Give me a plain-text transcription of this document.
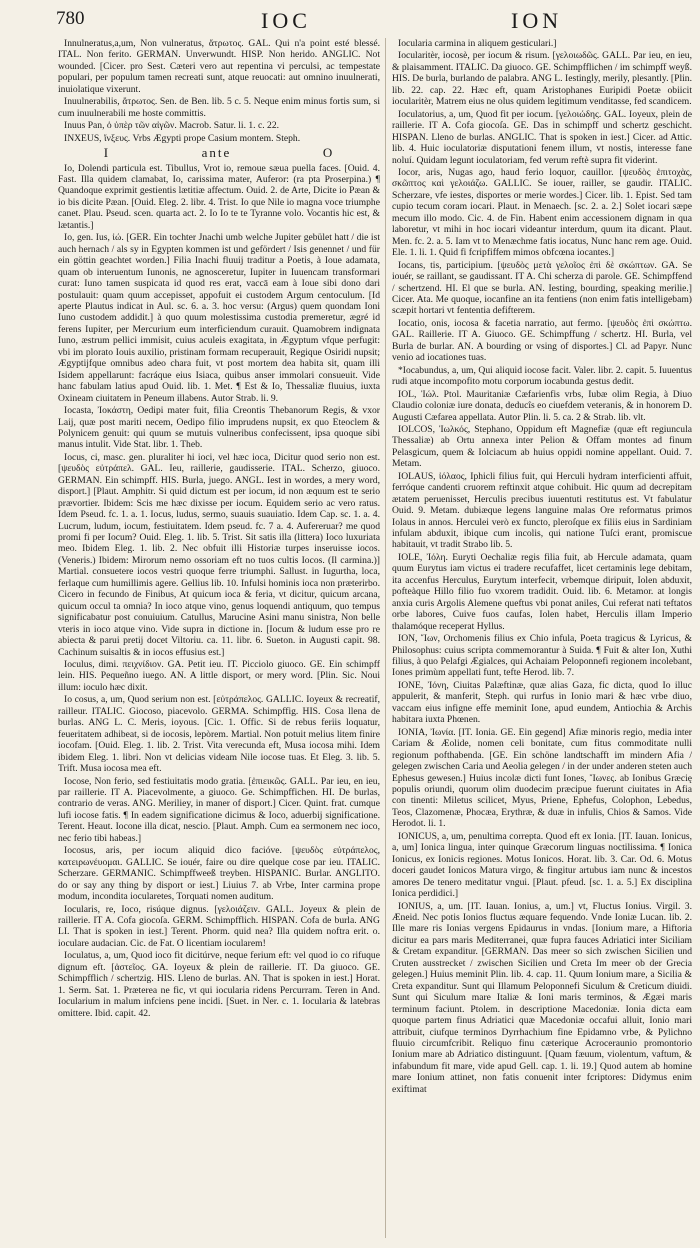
780	IOC	ION

Innulneratus,a,um, Non vulneratus, ἄτρωτος. GAL. Qui n'a point esté blessé. ITAL. Non ferito. GERMAN. Unverwundt. HISP. Non herido. ANGLIC. Not wounded. [Cicer. pro Sest. Cæteri vero aut repentina vi perculsi, ac tempestate populari, per populum tamen recreati sunt, atque reuocati: aut omnino inuulnerati, inuiolatique vixerunt.

Inuulnerabilis, ἄτρωτος. Sen. de Ben. lib. 5 c. 5. Neque enim minus fortis sum, si cum inuulnerabili me hoste committis.

Inuus Pan, ὁ ὑπὲρ τῶν αἰγῶν. Macrob. Satur. li. 1. c. 22.

INXEUS, ἴνξευς. Vrbs Ægypti prope Casium montem. Steph.

I	ante	O

Io, Dolendi particula est. Tibullus, Vrot io, remoue sæua puella faces. [Ouid. 4. Fast. Illa quidem clamabat, Io, carissima mater, Auferor: (ra pta Proserpina.) ¶ Quandoque exprimit gestientis lætitiæ affectum. Ouid. 2. de Arte, Dicite io Pæan & io bis dicite Pæan. [Ouid. Eleg. 2. libr. 4. Trist. Io que Nile io magna voce triumphe canet. Plau. Pseud. scen. quarta act. 2. Io Io te te Tyranne volo. Vocantis hic est, & lætantis.]

Io, gen. Ius, ἰώ. [GER. Ein tochter Jnachi umb welche Jupiter gebület hatt / die ist auch hernach / als sy in Egypten kommen ist und gefördert / Isis genennet / und für ein göttin geachtet worden.] Filia Inachi fluuij traditur a Poetis, à Ioue adamata, quam ob interuentum Iunonis, ne agnosceretur, Iupiter in Iuuencam transformari curat: Iuno tamen suspicata id quod res erat, vaccā eam à Ioue sibi dono dari postulauit: quam quum accepisset, appofuit ei custodem Argum centoculum. [Id aperte Plautus indicat in Aul. sc. 6. a. 3. hoc versu: (Argus) quem quondam Ioni Iuno custodem addidit.] à quo quum molestissima custodia premeretur, ægré id ferens Iupiter, per Mercurium eum interficiendum curauit. Quamobrem indignata Iuno, æstrum pellici immisit, cuius aculeis exagitata, in Ægyptum vfque perfugit: vbi im plorato Iouis auxilio, pristinam formam recuperauit, Regique Osiridi nupsit; Ægyptijfque omnibus adeo chara fuit, vt post mortem dea habita sit, quam illi Isidem appellarunt: facráque eius Isiaca, quibus anser immolari consueuit. Vide hanc fabulam latius apud Ouid. lib. 1. Met. ¶ Est & Io, Thessaliæ fluuius, iuxta Oxineam ciuitatem in Peneum illabens. Autor Strab. li. 9.

Iocasta, Ἰοκάστη, Oedipi mater fuit, filia Creontis Thebanorum Regis, & vxor Laij, quæ post mariti necem, Oedipo filio imprudens nupsit, ex quo Eteoclem & Polynicem genuit: qui quum se mutuis vulneribus confecissent, ipsa quoque sibi manus intulit. Vide Stat. libr. 1. Theb.

Iocus, ci, masc. gen. pluraliter hi ioci, vel hæc ioca, Dicitur quod serio non est. [ψευδὸς εὐτράπελ. GAL. Ieu, raillerie, gaudisserie. ITAL. Scherzo, giuoco. GERMAN. Ein schimpff. HIS. Burla, juego. ANGL. Iest in wordes, a mery word, disport.] [Plaut. Amphitr. Si quid dictum est per iocum, id non æquum est te serio prævortier. Ibidem: Scis me hæc dixisse per iocum. Equidem serio ac vero ratus. Idem Pseud. fc. 1. a. 1. Iocus, ludus, sermo, suauis suauiatio. Idem Cap. sc. 1. a. 4. Lucrum, ludum, iocum, festiuitatem. Idem pseud. fc. 7 a. 4. Aufereruar? me quod promi fi per Iocum? Ouid. Eleg. 1. lib. 5. Trist. Sit satis illa (littera) Ioco luxuriata meo. Ibidem Eleg. 1. lib. 2. Nec obfuit illi Historiæ turpes inseruisse iocos. (Veneris.) Ibidem: Mirorum nemo ossoriam eft no tuos cultis Iocos. (Il carmina.)] Martial. consuetere iocos vestri quoque ferre triumphi. Sallust. in Iugurtha, loca, ferlaque cum humillimis agere. Gellius lib. 10. Infulsi hominis ioca non præterirbo. Cicero in fecundo de Finibus, At quicum ioca & feria, vt dicitur, quicum arcana, quicum occul ta omnia? In ioco atque vino, genus loquendi antiquum, quo tempus significabatur post conuiuium. Catullus, Marucine Asini manu sinistra, Non belle vteris in ioco atque vino. Vide supra in dictione in. [Iocum & ludum esse pro re abiecta & parui pretij docet Viltoriu. ca. 11. libr. 6. Sueton. in Augusti capit. 98. Cachinum suisaltis & in iocos effusius est.]

Ioculus, dimi. πειχνίδιον. GA. Petit ieu. IT. Picciolo giuoco. GE. Ein schimpff lein. HIS. Pequeñno iuego. AN. A little disport, or mery word. [Plin. Sic. Noui illum: ioculo hæc dixit.

Io cosus, a, um, Quod serium non est. [εὐτράπελος. GALLIC. Ioyeux & recreatif, railleur. ITALIC. Giocoso, piacevolo. GERMA. Schimpffig. HIS. Cosa llena de burlas. ANG L. C. Meris, ioyous. [Cic. 1. Offic. Si de rebus feriis loquatur, feueritatem adhibeat, si de iocosis, lepòrem. Martial. Non potuit melius litem finire iocofam. [Ouid. Eleg. 1. lib. 2. Trist. Vita verecunda eft, Musa iocosa mihi. Idem ibidem Eleg. 1. libri. Non vt delicias videam Nile iocose tuas. Et Eleg. 3. lib. 5. Trift. Musa iocosa mea eft.

Iocose, Non ferio, sed festiuitatis modo gratia. [ἐπιεικῶς. GALL. Par ieu, en ieu, par raillerie. IT A. Piacevolmente, a giuoco. Ge. Schimpffichen. HI. De burlas, contrario de veras. ANG. Meriliey, in maner of disport.] Cicer. Quint. frat. cumque lufi iocose fatis. ¶ In eadem significatione dicimus & Ioco, aduerbij significatione. Terent. Heaut. Iocone illa dicat, nescio. [Plaut. Amph. Cum ea sermonem nec ioco, nec ferio tibi habeas.]

Iocosus, aris, per iocum aliquid dico facióve. [ψευδὸς εὐτράπελος, κατειρωνέυομαι. GALLIC. Se iouér, faire ou dire quelque cose par ieu. ITALIC. Scherzare. GERMANIC. Schimpffweeß treyben. HISPANIC. Burlar. ANGLITO. do or say any thing by disport or iest.] Liuius 7. ab Vrbe, Inter carmina prope modum, incondita iocularetes, Torquati nomen auditum.

Iocularis, re, Ioco, risúque dignus. [γελοιάζειν. GALL. Joyeux & plein de raillerie. IT A. Cofa giocoſa. GERM. Schimpfflich. HISPAN. Cofa de burla. ANG LI. That is spoken in iest.] Terent. Phorm. quid nea? Illa quidem noftra erit. o. ioculare audacian. Cic. de Fat. O licentiam iocularem!

Ioculatus, a, um, Quod ioco fit dicitúrve, neque ferium eft: vel quod io co rifuque dignum eft. [ἀστεῖος. GA. Ioyeux & plein de raillerie. IT. Da giuoco. GE. Schimpfflich / schertzig. HIS. Lleno de burlas. AN. That is spoken in iest.] Horat. 1. Serm. Sat. 1. Præterea ne fic, vt qui iocularia ridens Percurram. Teren in And. Iocularium in malum infciens pene incidi. [Suet. in Ner. c. 1. Iocularia & latebras omittere. Ibid. capit. 42.

Iocularia carmina in aliquem gesticulari.]

Iocularitèr, iocosè, per iocum & risum. [γελοιωδῶς. GALL. Par ieu, en ieu, & plaisamment. ITALIC. Da giuoco. GE. Schimpfflichen / im schimpff weyß. HIS. De burla, burlando de palabra. ANG L. Iestingly, merily, plesantly. [Plin. lib. 22. cap. 22. Hæc eft, quam Aristophanes Euripidi Poetæ obiicit iocularitèr, Matrem eius ne olus quidem legitimum venditasse, fed scandicem.

Ioculatorius, a, um, Quod fit per iocum. [γελοιώδης. GAL. Ioyeux, plein de raillerie. IT A. Cofa giocoſa. GE. Das in schimpff und schertz geschicht. HISPAN. Lleno de burlas. ANGLIC. That is spoken in iest.] Cicer. ad Attic. lib. 4. Huic ioculatoriæ disputationi fenem illum, vt nostis, interesse fane noluí. Quidam legunt ioculatoriam, fed verum reftè supra fit viderint.

Iocor, aris, Nugas ago, haud ferio loquor, cauillor. [ψευδὸς ἐπιτοχὰς, σκῶπτος καὶ γελοιάζω. GALLIC. Se iouer, railler, se gaudir. ITALIC. Scherzare, vfe iestes, disportes or merie wordes.] Cicer. lib. 1. Epist. Sed tam cupio tecum coram iocari. Plaut. in Menaech. [sc. 2. a. 2.] Solet iocari sæpe mecum illo modo. Cic. 4. de Fin. Habent enim accessionem dignam in qua laboretur, vt mihi in hoc iocari videantur interdum, quum ita dicant. Plaut. Men. fc. 2. a. 5. Iam vt to Menæchme fatis iocatus, Nunc hanc rem age. Ouid. Ele. 1. li. 1. Quid fi fcripfiffem mimos obfcœna iocantes.]

Iocans, tis, participium. [ψευδὸς μετὰ γελοῖος ἐπὶ δὲ σκώπτων. GA. Se iouér, se raillant, se gaudissant. IT A. Chi scherza di parole. GE. Schimpffend / schertzend. HI. El que se burla. AN. Iesting, bourding, speaking merilie.] Cicer. Ata. Me quoque, iocanfine an ita fentiens (non enim fatis intelligebam) scæpit hortari vt fententia defifterem.

Iocatio, onis, iocosa & facetia narratio, aut fermo. [ψευδὸς ἐπὶ σκώπτω. GAL. Raillerie. IT A. Giuoco. GE. Schimpffung / schertz. HI. Burla, vel Burla de burlar. AN. A bourding or vsing of disportes.] Cl. ad Papyr. Nunc venio ad iocationes tuas.

*Iocabundus, a, um, Qui aliquid iocose facit. Valer. libr. 2. capit. 5. Iuuentus rudi atque incompofito motu corporum iocabunda gestus dedit.

IOL, Ἰώλ. Ptol. Mauritaniæ Cæfarienfis vrbs, Iubæ olim Regia, à Diuo Claudio coloniæ iure donata, deducîs eo ciuefdem veteranis, & in honorem D. Augusti Cæfarea appellata. Autor Plin. li. 5. ca. 2 & Strab. lib. vlt.

IOLCOS, Ἰωλκός, Stephano, Oppidum eft Magnefiæ (quæ eft regiuncula Thessaliæ) ab Ortu annexa inter Pelion & Offam montes ad finum Pelasgicum, quem & Iolciacum ab huius oppidi nomine appellant. Ouid. 7. Metam.

IOLAUS, ἰόλαος, Iphicli filius fuit, qui Herculi hydram interficienti affuit, ferróque candenti cruorem reftinxit atque cohibuit. Hic quum ad decrepitam ætatem peruenisset, Herculis precibus iuuentuti restitutus est. Vt fabulatur Ouid. 9. Metam. dubiæque legens languine malas Ore reformatus primos Iolaus in annos. Herculei verò ex functo, pleroſque ex filiis eius in Sardiniam infulam abduxit, ibique cum incolis, qui natione Tuſci erant, promiscue habitauit, vt tradit Strabo lib. 5.

IOLE, Ἰόλη. Euryti Oechaliæ regis filia fuit, ab Hercule adamata, quam quum Eurytus iam victus ei tradere recufaffet, licet certaminis lege debitam, ita accenfus Herculus, Eurytum interfecit, vrbemque diripuit, Iolen abduxit, pofteàque Hillo filio fuo vxorem tradidit. Ouid. lib. 6. Metamor. at longis anxia curis Argolis Alemene queftus vbi ponat aniles, Cui referat nati teftatos orbe labores, Cuive fuos caufas, Iolen habet, Herculis illam Imperio thalamóque receperat Hyllus.

ION, Ἴων, Orchomenis filius ex Chio infula, Poeta tragicus & Lyricus, & Philosophus: cuius scripta commemorantur à Suida. ¶ Fuit & alter Ion, Xuthi filius, à quo Pelafgi Ægialces, qui Achaiam Peloponnefi regionem incolebant, Iones primùm appellati funt, tefte Herod. lib. 7.

IONE, Ἰόνη, Ciuitas Palæftinæ, quæ alias Gaza, fic dicta, quod Io illuc appulerit, & manferit, Steph. qui rurfus in Ionio mari & hæc vrbe diuo, vaccam eius infigne effe meminit Ione, apud eundem, Antiochia & Archis habitara iuxta Phœnen.

IONIA, Ἰωνία. [IT. Ionia. GE. Ein gegend] Afiæ minoris regio, media inter Cariam & Æolide, nomen celi bonitate, cum fitus commoditate nulli regionum pofthabenda. [GE. Ein schöne landtschafft im mindern Afia / gelegen zwischen Caria und Aeolia gelegen / in der under anderen steten auch Ephesus gewesen.] Huius incolæ dicti funt Iones, Ἴωνες. ab Ionibus Græcię populis oriundi, quorum olim duodecim præcipue fuerunt ciuitates in Afia con tinenti: Miletus scilicet, Myus, Priene, Ephefus, Colophon, Lebedus, Teos, Clazomenæ, Phocæa, Erythræ, & duæ in infulis, Chios & Samos. Vide Herodot. li. 1.

IONICUS, a, um, penultima correpta. Quod eft ex Ionia. [IT. Iauan. Ionicus, a, um] Ionica lingua, inter quinque Græcorum linguas noctilissima. ¶ Ionica Ionicus, ex Ionicis regiones. Motus Ionicos. Horat. lib. 3. Car. Od. 6. Motus doceri gaudet Ionicos Matura virgo, & fingitur artubus iam nunc & incestos amores De tenero meditatur vngui. [Plaut. pfeud. [sc. 1. a. 5.] Ex disciplina Ionica perdidici.]

IONIUS, a, um. [IT. Iauan. Ionius, a, um.] vt, Fluctus Ionius. Virgil. 3. Æneid. Nec potis Ionios fluctus æquare fequendo. Vnde Ioniæ Lucan. lib. 2. Ille mare ris Ionias vergens Epidaurus in vndas. [Ionium mare, a Hiftoria dicitur ea pars maris Mediterranei, quæ fupra fauces Adriatici inter Siciliam & Cretam expanditur. [GERMAN. Das meer so sich zwischen Sicilien und Cruten ausstrecket / zwischen Sicilien und Creta Im meer ob der Grecia gelegen.] Huius meminit Plin. lib. 4. cap. 11. Quum Ionium mare, a Sicilia & Creta expanditur. Sunt qui Illamum Peloponnefi Siculum & Creticum diuidi. Sunt qui Siculum mare Italiæ & Ioni maris terminos, & Ægæi maris terminum faciunt. Ptolem. in descriptione Macedoniæ. Ionia dicta eam quoque partem finus Adriatici quæ Macedoniæ occafui alluit, Ionio mari attribuit, ciufque terminos Dyrrhachium fine Epidamno vrbe, & Pylichno fluuio circumfcribit. Reliquo finu cæterique Acroceraunio promontorio Ionium mare ab Adriatico distinguunt. [Quam fæuum, violentum, vaftum, & infabundum fit mare, vide apud Gell. cap. 1. li. 19.] Quod autem ab homine mare Ionium attinet, non fatis conuenit inter fcriptores: Didymus enim exiftimat
